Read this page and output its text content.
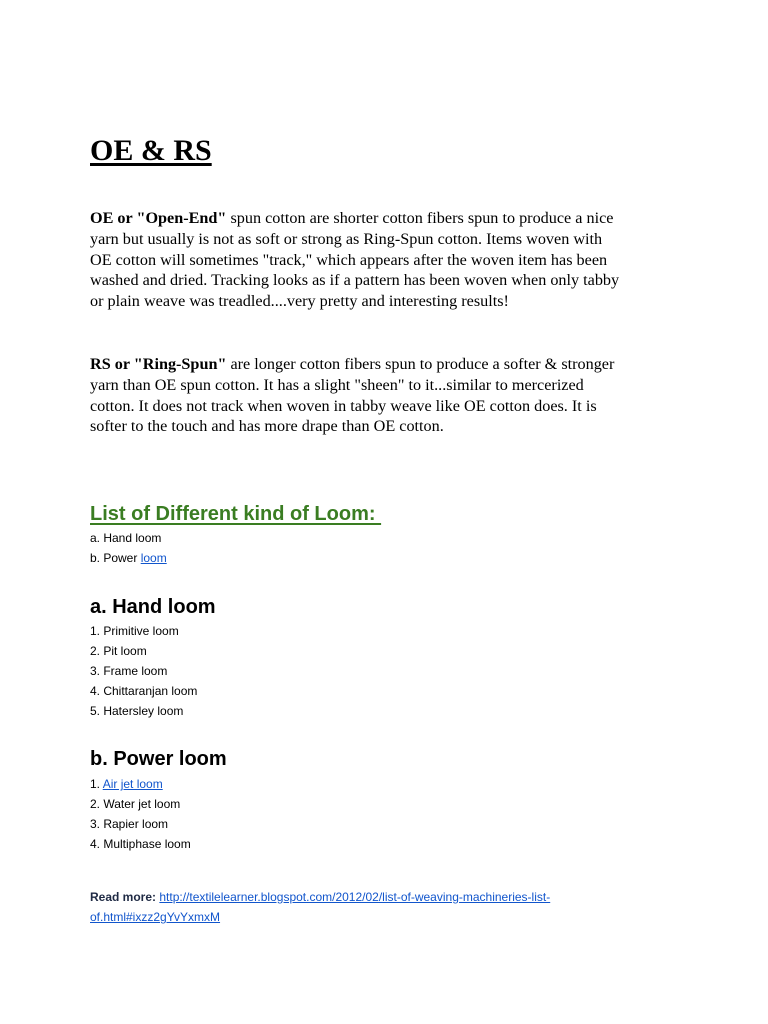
OE & RS

OE or "Open-End" spun cotton are shorter cotton fibers spun to produce a nice
yarn but usually is not as soft or strong as Ring-Spun cotton. Items woven with
OE cotton will sometimes "track," which appears after the woven item has been
washed and dried. Tracking looks as if a pattern has been woven when only tabby
or plain weave was treadled....very pretty and interesting results!

RS or "Ring-Spun" are longer cotton fibers spun to produce a softer & stronger
yarn than OE spun cotton. It has a slight "sheen" to it...similar to mercerized
cotton. It does not track when woven in tabby weave like OE cotton does. It is
softer to the touch and has more drape than OE cotton.

List of Different kind of Loom:

a. Hand loom

b. Power loom

a. Hand loom

1. Primitive loom

2. Pit loom

3. Frame loom

4. Chittaranjan loom

5. Hatersley loom

b. Power loom

1. Air jet loom

2. Water jet loom

3. Rapier loom

4. Multiphase loom

Read more: http://textilelearner.blogspot.com/2012/02/list-of-weaving-machineries-list-

of.html#ixzz2gYvYxmxM
